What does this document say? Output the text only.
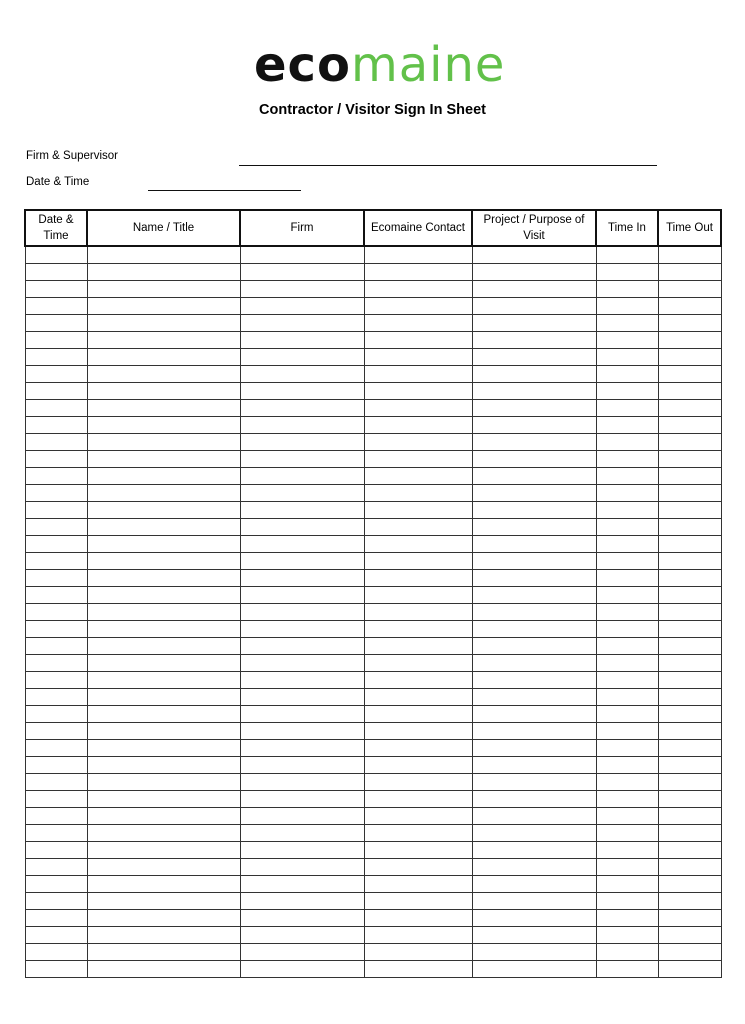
eco maine
Contractor / Visitor Sign In Sheet
Firm & Supervisor
Date & Time
Date & Time	Name / Title	Firm	Ecomaine Contact	Project / Purpose of Visit	Time In	Time Out
